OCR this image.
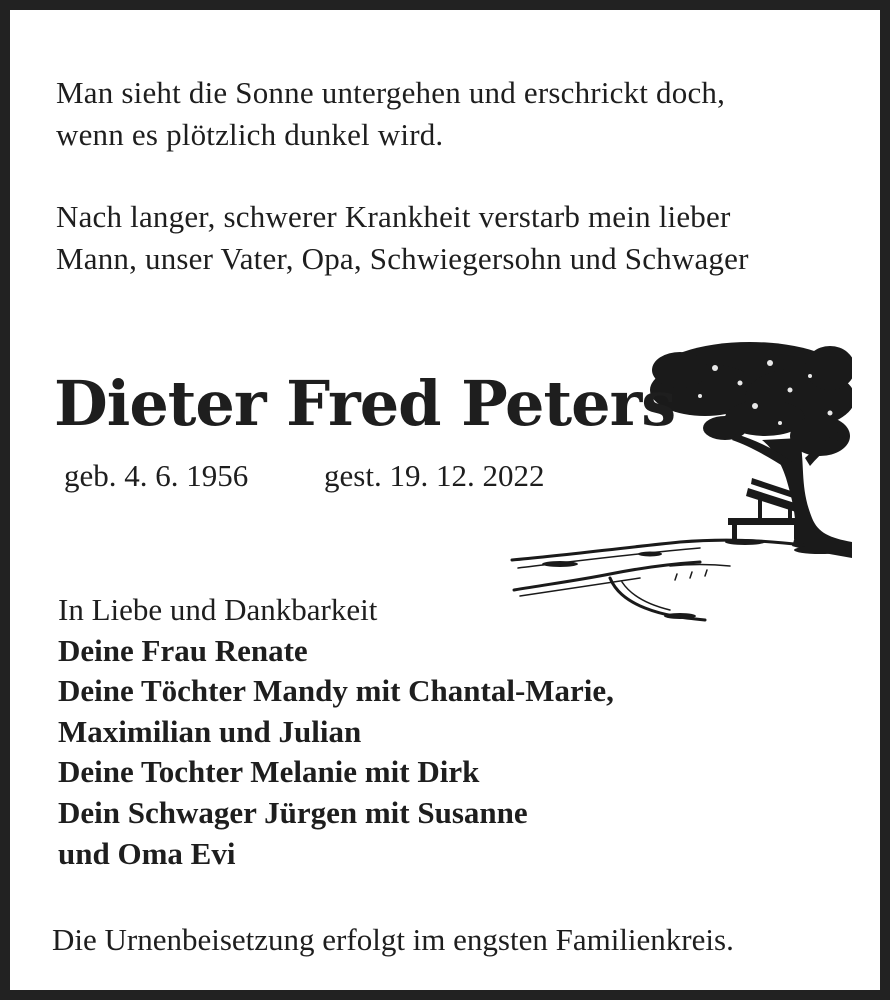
Man sieht die Sonne untergehen und erschrickt doch,
wenn es plötzlich dunkel wird.
Nach langer, schwerer Krankheit verstarb mein lieber
Mann, unser Vater, Opa, Schwiegersohn und Schwager
Dieter Fred Peters
geb. 4. 6. 1956 gest. 19. 12. 2022
In Liebe und Dankbarkeit
Deine Frau Renate
Deine Töchter Mandy mit Chantal-Marie,
Maximilian und Julian
Deine Tochter Melanie mit Dirk
Dein Schwager Jürgen mit Susanne
und Oma Evi
Die Urnenbeisetzung erfolgt im engsten Familienkreis.
